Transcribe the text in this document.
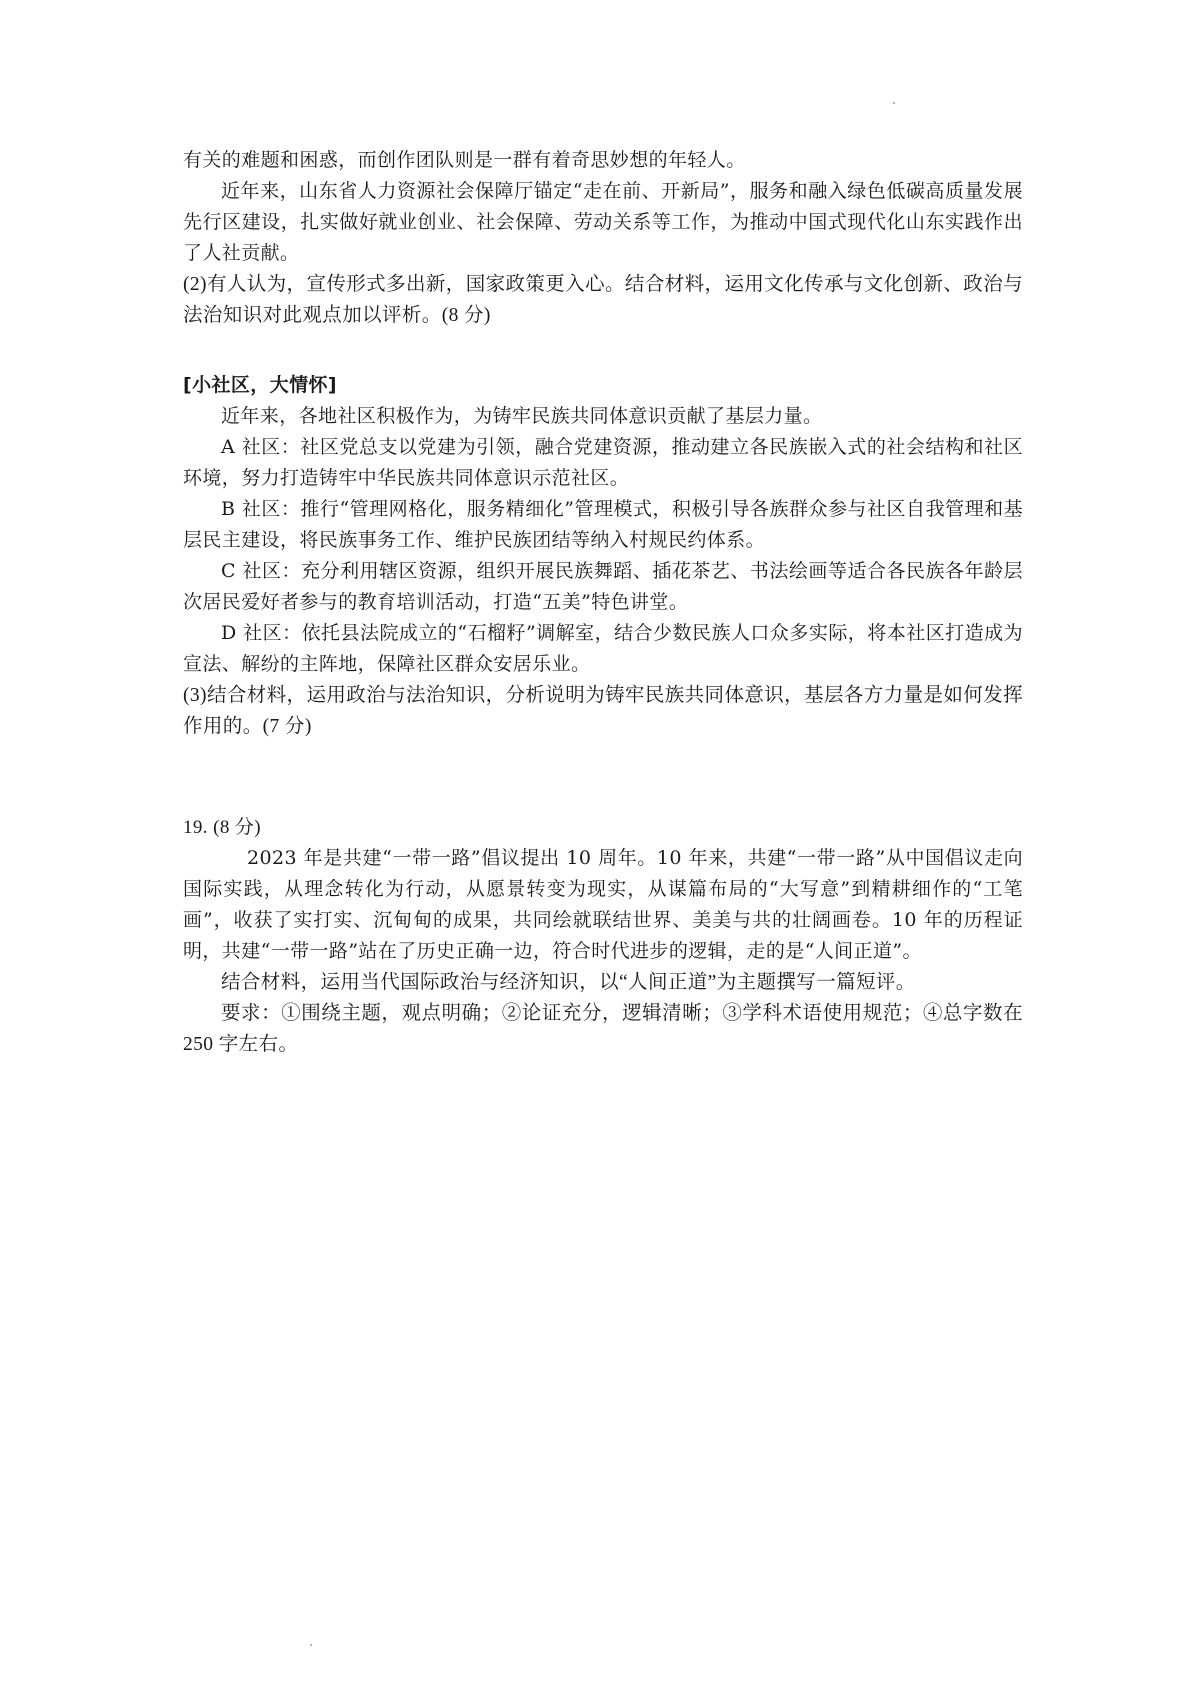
有关的难题和困惑，而创作团队则是一群有着奇思妙想的年轻人。

近年来，山东省人力资源社会保障厅锚定“走在前、开新局”，服务和融入绿色低碳高质量发展先行区建设，扎实做好就业创业、社会保障、劳动关系等工作，为推动中国式现代化山东实践作出了人社贡献。

(2)有人认为，宣传形式多出新，国家政策更入心。结合材料，运用文化传承与文化创新、政治与法治知识对此观点加以评析。(8 分)

[小社区，大情怀]

近年来，各地社区积极作为，为铸牢民族共同体意识贡献了基层力量。

A 社区：社区党总支以党建为引领，融合党建资源，推动建立各民族嵌入式的社会结构和社区环境，努力打造铸牢中华民族共同体意识示范社区。

B 社区：推行“管理网格化，服务精细化”管理模式，积极引导各族群众参与社区自我管理和基层民主建设，将民族事务工作、维护民族团结等纳入村规民约体系。

C 社区：充分利用辖区资源，组织开展民族舞蹈、插花茶艺、书法绘画等适合各民族各年龄层次居民爱好者参与的教育培训活动，打造“五美”特色讲堂。

D 社区：依托县法院成立的“石榴籽”调解室，结合少数民族人口众多实际，将本社区打造成为宣法、解纷的主阵地，保障社区群众安居乐业。

(3)结合材料，运用政治与法治知识，分析说明为铸牢民族共同体意识，基层各方力量是如何发挥作用的。(7 分)

19. (8 分)

2023 年是共建“一带一路”倡议提出 10 周年。10 年来，共建“一带一路”从中国倡议走向国际实践，从理念转化为行动，从愿景转变为现实，从谋篇布局的“大写意”到精耕细作的“工笔画”，收获了实打实、沉甸甸的成果，共同绘就联结世界、美美与共的壮阔画卷。10 年的历程证明，共建“一带一路”站在了历史正确一边，符合时代进步的逻辑，走的是“人间正道”。

结合材料，运用当代国际政治与经济知识，以“人间正道”为主题撰写一篇短评。

要求：①围绕主题，观点明确；②论证充分，逻辑清晰；③学科术语使用规范；④总字数在 250 字左右。
